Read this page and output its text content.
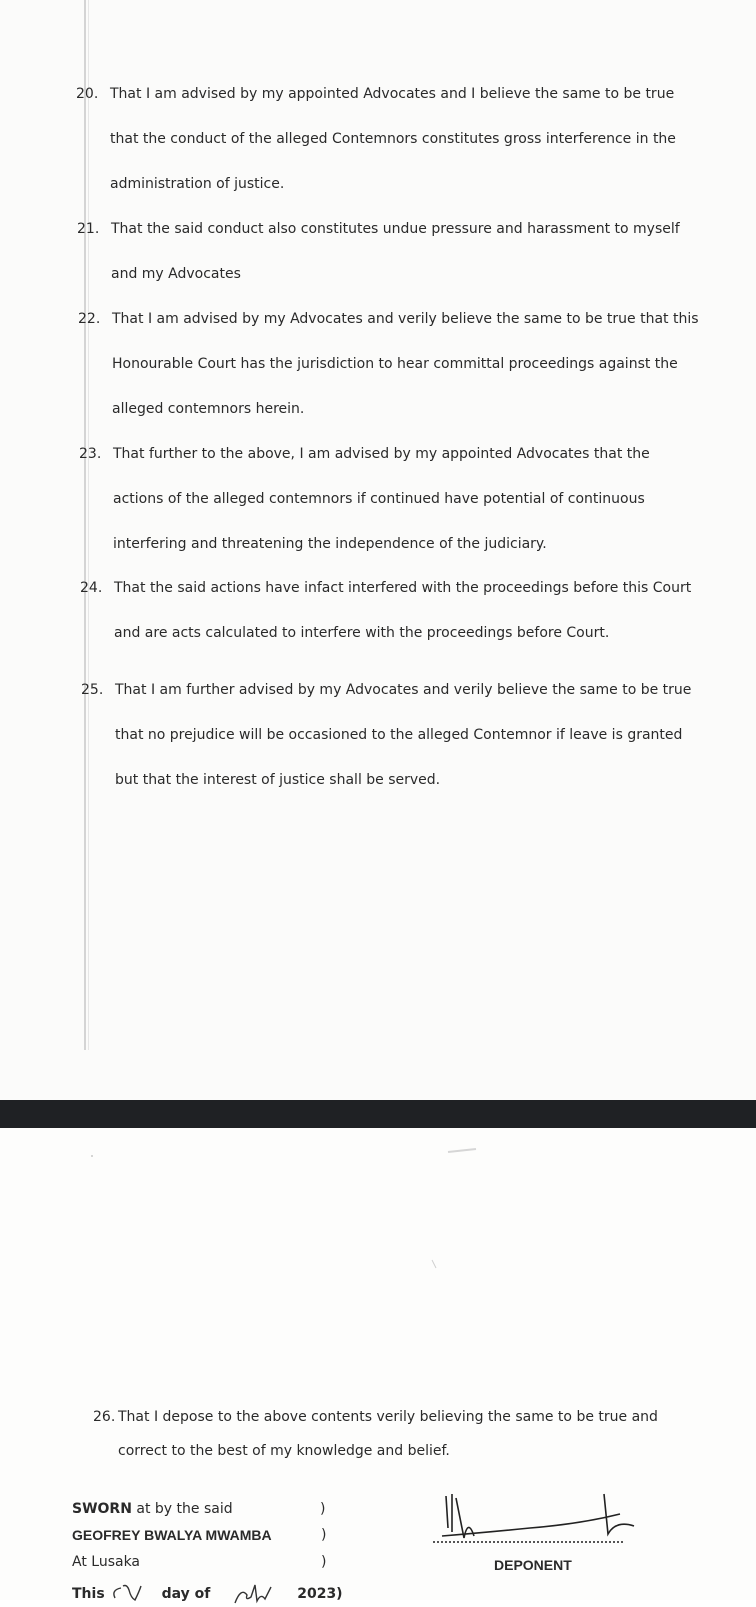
20. That I am advised by my appointed Advocates and I believe the same to be true
that the conduct of the alleged Contemnors constitutes gross interference in the
administration of justice.
21. That the said conduct also constitutes undue pressure and harassment to myself
and my Advocates
22. That I am advised by my Advocates and verily believe the same to be true that this
Honourable Court has the jurisdiction to hear committal proceedings against the
alleged contemnors herein.
23. That further to the above, I am advised by my appointed Advocates that the
actions of the alleged contemnors if continued have potential of continuous
interfering and threatening the independence of the judiciary.
24. That the said actions have infact interfered with the proceedings before this Court
and are acts calculated to interfere with the proceedings before Court.
25. That I am further advised by my Advocates and verily believe the same to be true
that no prejudice will be occasioned to the alleged Contemnor if leave is granted
but that the interest of justice shall be served.
26. That I depose to the above contents verily believing the same to be true and
correct to the best of my knowledge and belief.
SWORN at by the said
GEOFREY BWALYA MWAMBA
At Lusaka
This	day of	2023)
)
)
)	DEPONENT
